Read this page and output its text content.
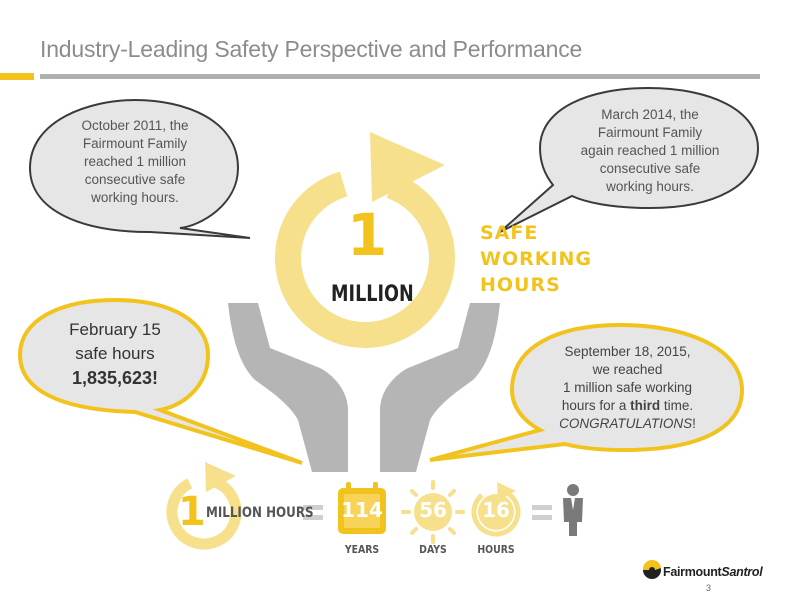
Industry-Leading Safety Perspective and Performance
October 2011, the
Fairmount Family
reached 1 million
consecutive safe
working hours.
March 2014, the
Fairmount Family
again reached 1 million
consecutive safe
working hours.
February 15
safe hours
1,835,623!
September 18, 2015,
we reached
1 million safe working
hours for a third time.
CONGRATULATIONS!
1
MILLION
SAFE
WORKING
HOURS
1 MILLION HOURS 114
YEARS
56
DAYS
16
HOURS
FairmountSantrol
3
